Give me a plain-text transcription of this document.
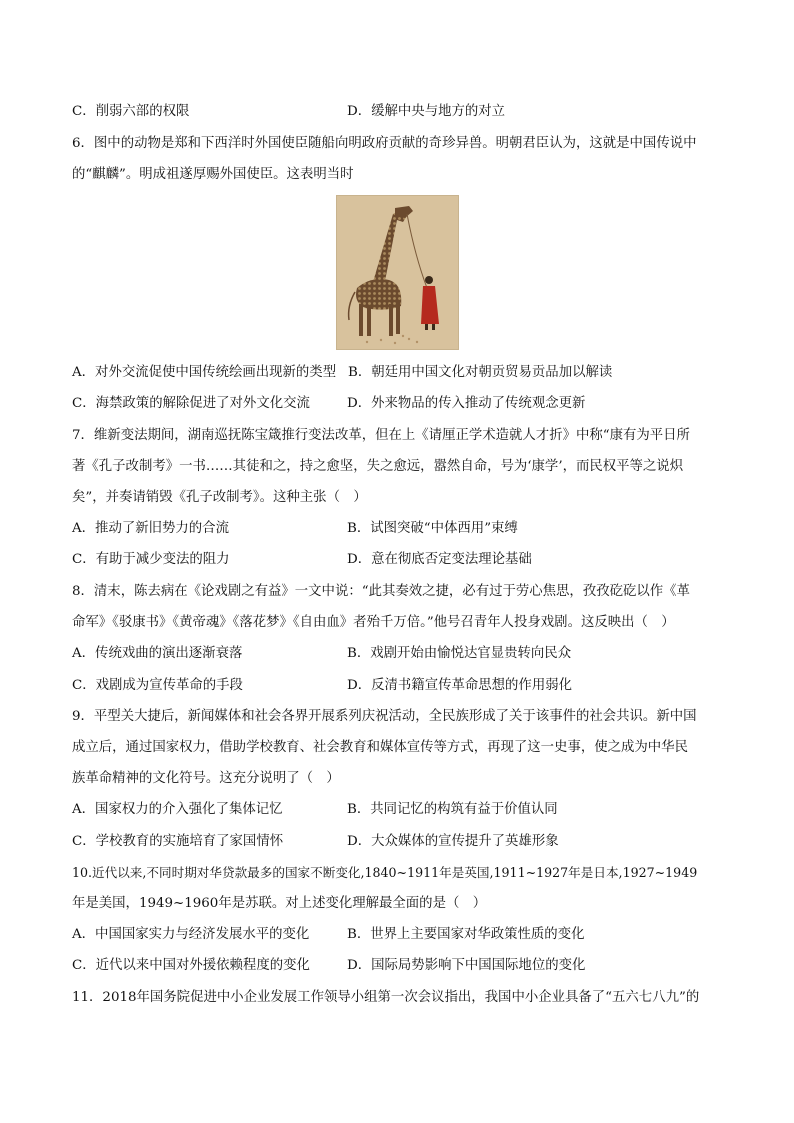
C．削弱六部的权限	D．缓解中央与地方的对立
6．图中的动物是郑和下西洋时外国使臣随船向明政府贡献的奇珍异兽。明朝君臣认为，这就是中国传说中
的“麒麟”。明成祖遂厚赐外国使臣。这表明当时
A．对外交流促使中国传统绘画出现新的类型 B．朝廷用中国文化对朝贡贸易贡品加以解读
C．海禁政策的解除促进了对外文化交流	D．外来物品的传入推动了传统观念更新
7．维新变法期间，湖南巡抚陈宝箴推行变法改革，但在上《请厘正学术造就人才折》中称“康有为平日所
著《孔子改制考》一书……其徒和之，持之愈坚，失之愈远，嚣然自命，号为‘康学’，而民权平等之说炽
矣”，并奏请销毁《孔子改制考》。这种主张（　）
A．推动了新旧势力的合流	B．试图突破“中体西用”束缚
C．有助于减少变法的阻力	D．意在彻底否定变法理论基础
8．清末，陈去病在《论戏剧之有益》一文中说：“此其奏效之捷，必有过于劳心焦思，孜孜矻矻以作《革
命军》《驳康书》《黄帝魂》《落花梦》《自由血》者殆千万倍。”他号召青年人投身戏剧。这反映出（　）
A．传统戏曲的演出逐渐衰落	B．戏剧开始由愉悦达官显贵转向民众
C．戏剧成为宣传革命的手段	D．反清书籍宣传革命思想的作用弱化
9．平型关大捷后，新闻媒体和社会各界开展系列庆祝活动，全民族形成了关于该事件的社会共识。新中国
成立后，通过国家权力，借助学校教育、社会教育和媒体宣传等方式，再现了这一史事，使之成为中华民
族革命精神的文化符号。这充分说明了（　）
A．国家权力的介入强化了集体记忆	B．共同记忆的构筑有益于价值认同
C．学校教育的实施培育了家国情怀	D．大众媒体的宣传提升了英雄形象
10.近代以来,不同时期对华贷款最多的国家不断变化,1840~1911年是英国,1911~1927年是日本,1927~1949
年是美国，1949~1960年是苏联。对上述变化理解最全面的是（　）
A．中国国家实力与经济发展水平的变化	B．世界上主要国家对华政策性质的变化
C．近代以来中国对外援依赖程度的变化	D．国际局势影响下中国国际地位的变化
11．2018年国务院促进中小企业发展工作领导小组第一次会议指出，我国中小企业具备了“五六七八九”的
